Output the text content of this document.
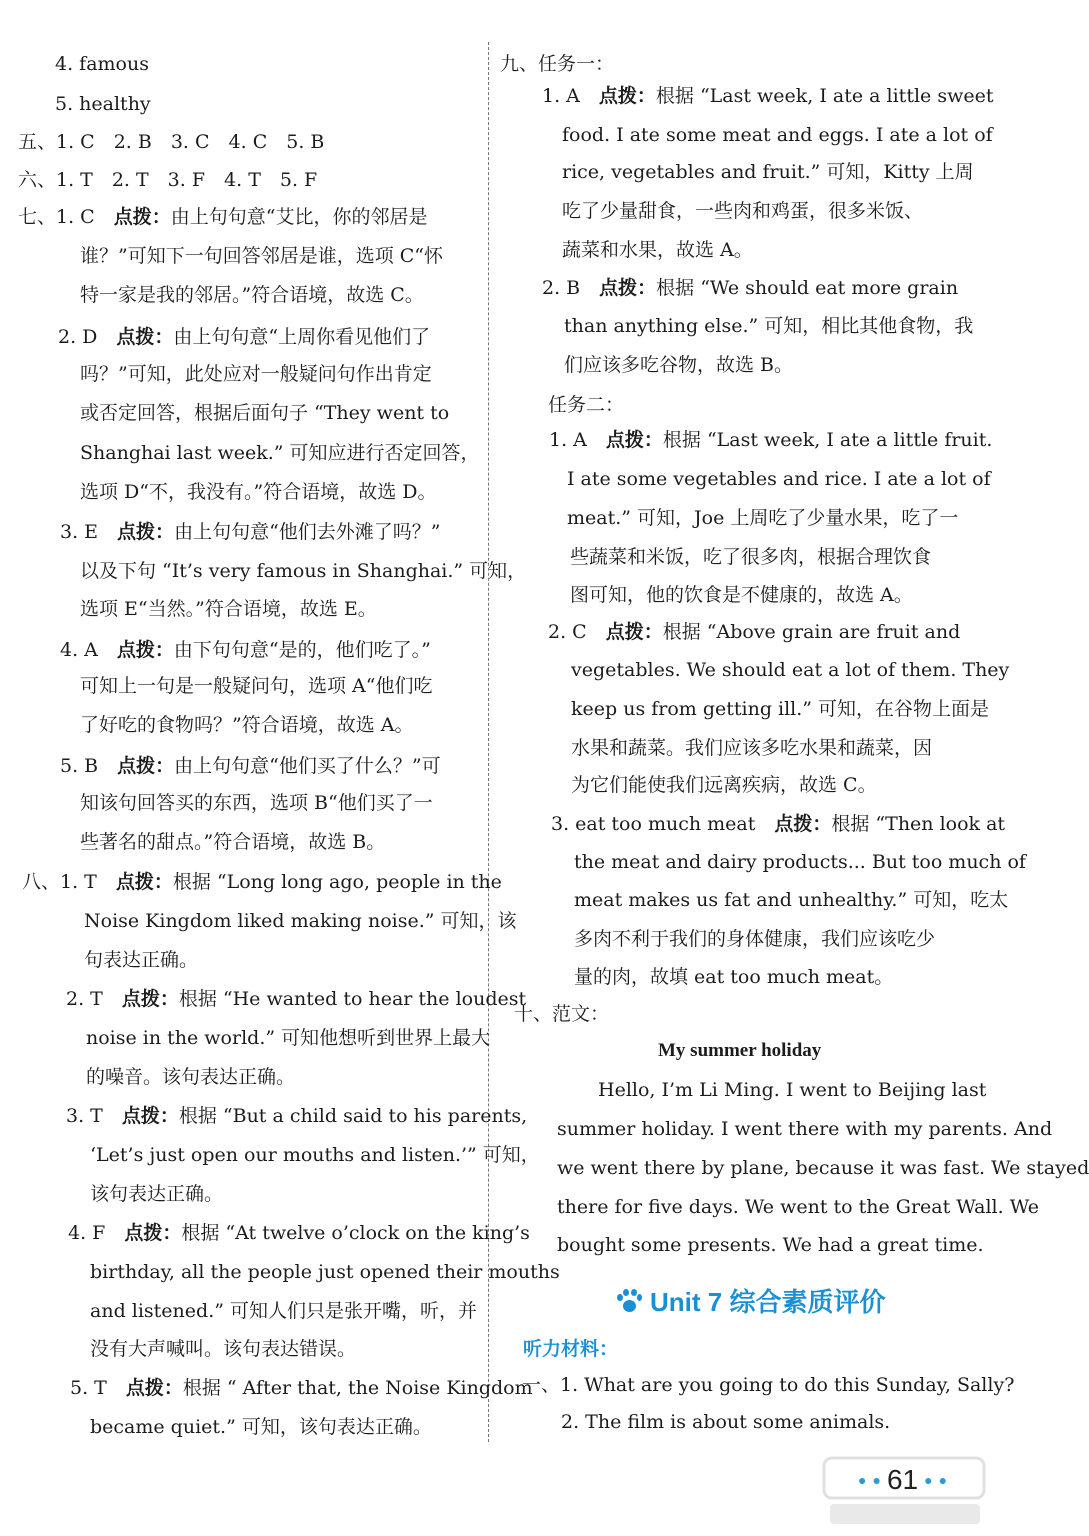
4. famous
5. healthy
五、1. C　2. B　3. C　4. C　5. B
六、1. T　2. T　3. F　4. T　5. F
七、1. C　点拨：由上句句意“艾比，你的邻居是
谁？”可知下一句回答邻居是谁，选项 C“怀
特一家是我的邻居。”符合语境，故选 C。
2. D　点拨：由上句句意“上周你看见他们了
吗？”可知，此处应对一般疑问句作出肯定
或否定回答，根据后面句子 “They went to
Shanghai last week.” 可知应进行否定回答，
选项 D“不，我没有。”符合语境，故选 D。
3. E　点拨：由上句句意“他们去外滩了吗？”
以及下句 “It’s very famous in Shanghai.” 可知，
选项 E“当然。”符合语境，故选 E。
4. A　点拨：由下句句意“是的，他们吃了。”
可知上一句是一般疑问句，选项 A“他们吃
了好吃的食物吗？”符合语境，故选 A。
5. B　点拨：由上句句意“他们买了什么？”可
知该句回答买的东西，选项 B“他们买了一
些著名的甜点。”符合语境，故选 B。
八、1. T　点拨：根据 “Long long ago, people in the
Noise Kingdom liked making noise.” 可知，该
句表达正确。
2. T　点拨：根据 “He wanted to hear the loudest
noise in the world.” 可知他想听到世界上最大
的噪音。该句表达正确。
3. T　点拨：根据 “But a child said to his parents,
‘Let’s just open our mouths and listen.’” 可知，
该句表达正确。
4. F　点拨：根据 “At twelve o’clock on the king’s
birthday, all the people just opened their mouths
and listened.” 可知人们只是张开嘴，听，并
没有大声喊叫。该句表达错误。
5. T　点拨：根据 “ After that, the Noise Kingdom
became quiet.” 可知，该句表达正确。
九、任务一：
1. A　点拨：根据 “Last week, I ate a little sweet
food. I ate some meat and eggs. I ate a lot of
rice, vegetables and fruit.” 可知，Kitty 上周
吃了少量甜食，一些肉和鸡蛋，很多米饭、
蔬菜和水果，故选 A。
2. B　点拨：根据 “We should eat more grain
than anything else.” 可知，相比其他食物，我
们应该多吃谷物，故选 B。
任务二：
1. A　点拨：根据 “Last week, I ate a little fruit.
I ate some vegetables and rice. I ate a lot of
meat.” 可知，Joe 上周吃了少量水果，吃了一
些蔬菜和米饭，吃了很多肉，根据合理饮食
图可知，他的饮食是不健康的，故选 A。
2. C　点拨：根据 “Above grain are fruit and
vegetables. We should eat a lot of them. They
keep us from getting ill.” 可知，在谷物上面是
水果和蔬菜。我们应该多吃水果和蔬菜，因
为它们能使我们远离疾病，故选 C。
3. eat too much meat　点拨：根据 “Then look at
the meat and dairy products... But too much of
meat makes us fat and unhealthy.” 可知，吃太
多肉不利于我们的身体健康，我们应该吃少
量的肉，故填 eat too much meat。
十、范文：
Hello, I’m Li Ming. I went to Beijing last
summer holiday. I went there with my parents. And
we went there by plane, because it was fast. We stayed
there for five days. We went to the Great Wall. We
bought some presents. We had a great time.
My summer holiday
Unit 7 综合素质评价
听力材料：
一、1. What are you going to do this Sunday, Sally?
2. The film is about some animals.
● ● 61 ● ●
